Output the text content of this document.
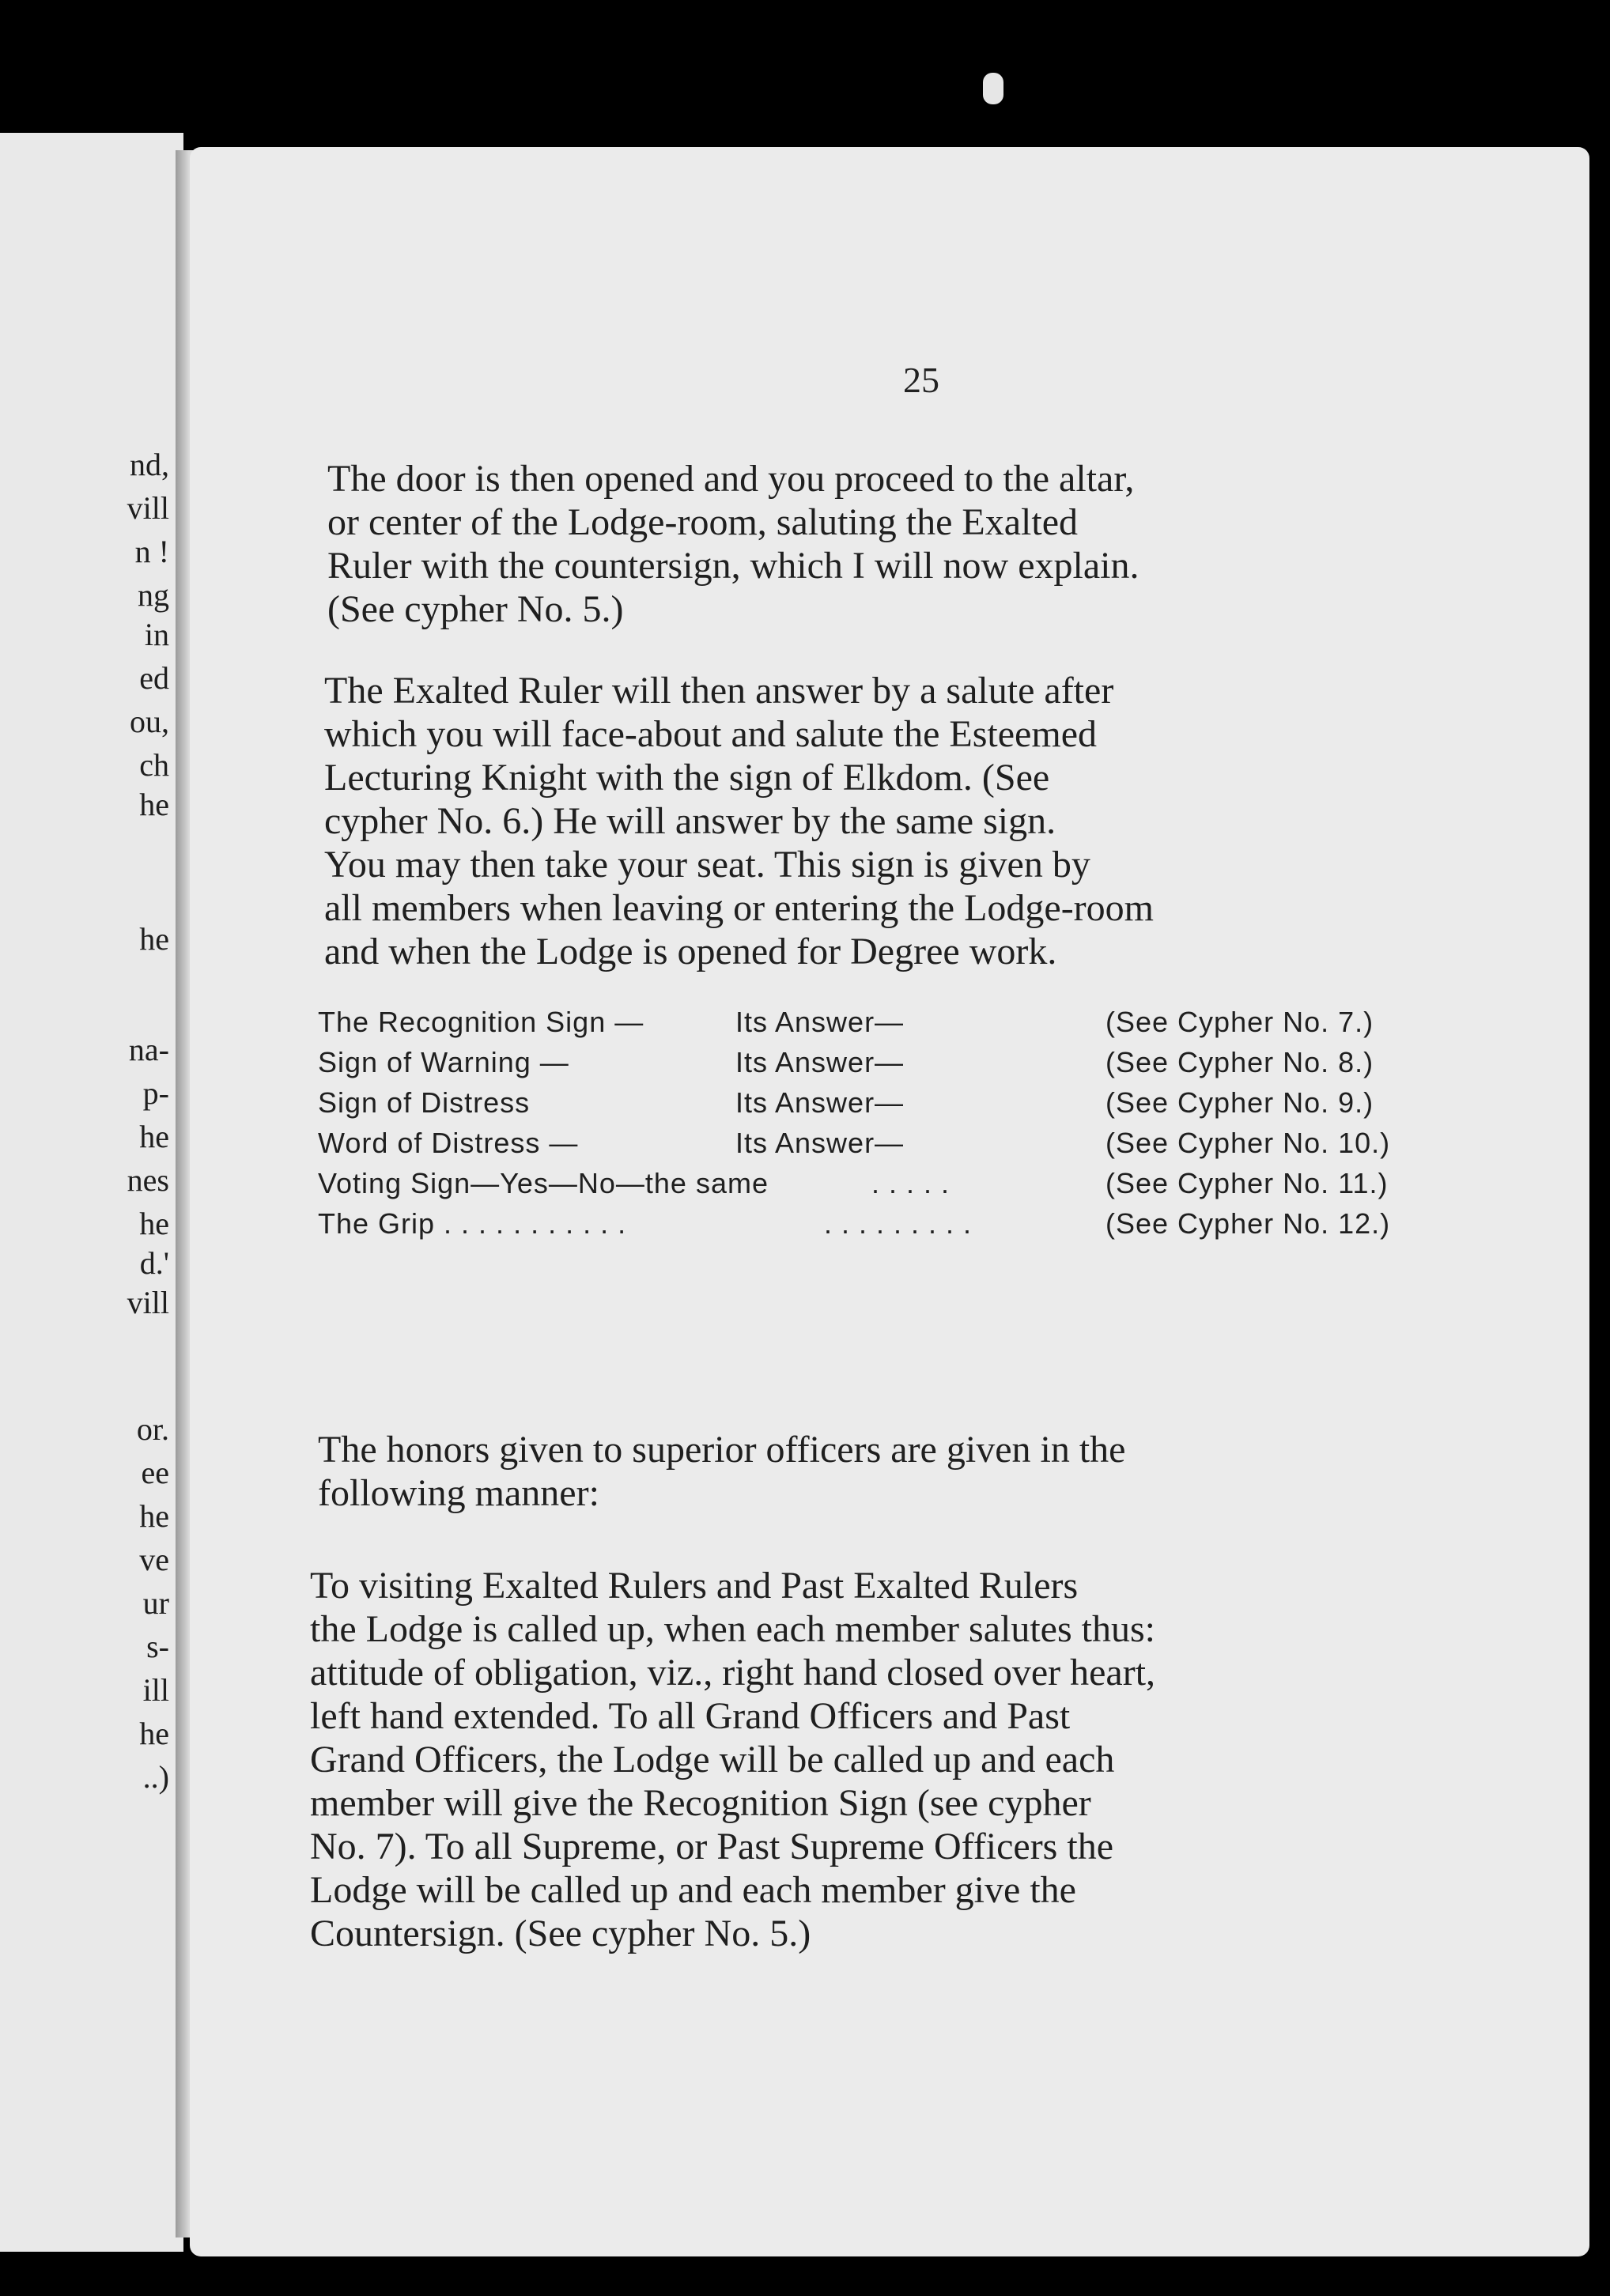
nd,
vill
n !
ng
in
ed
ou,
ch
he
he
na-
p-
he
nes
he
d.'
vill
or.
ee
he
ve
ur
s-
ill
he
..)
25

The door is then opened and you proceed to the altar,
or center of the Lodge-room, saluting the Exalted
Ruler with the countersign, which I will now explain.
(See cypher No. 5.)

The Exalted Ruler will then answer by a salute after
which you will face-about and salute the Esteemed
Lecturing Knight with the sign of Elkdom. (See
cypher No. 6.) He will answer by the same sign.
You may then take your seat. This sign is given by
all members when leaving or entering the Lodge-room
and when the Lodge is opened for Degree work.

The Recognition Sign —	Its Answer—	(See Cypher No. 7.)
Sign of Warning —	Its Answer—	(See Cypher No. 8.)
Sign of Distress	Its Answer—	(See Cypher No. 9.)
Word of Distress —	Its Answer—	(See Cypher No. 10.)
Voting Sign—Yes—No—the same	. . . . .	(See Cypher No. 11.)
The Grip . . . . . . . . . . .	. . . . . . . . .	(See Cypher No. 12.)

The honors given to superior officers are given in the
following manner:

To visiting Exalted Rulers and Past Exalted Rulers
the Lodge is called up, when each member salutes thus:
attitude of obligation, viz., right hand closed over heart,
left hand extended. To all Grand Officers and Past
Grand Officers, the Lodge will be called up and each
member will give the Recognition Sign (see cypher
No. 7). To all Supreme, or Past Supreme Officers the
Lodge will be called up and each member give the
Countersign. (See cypher No. 5.)
